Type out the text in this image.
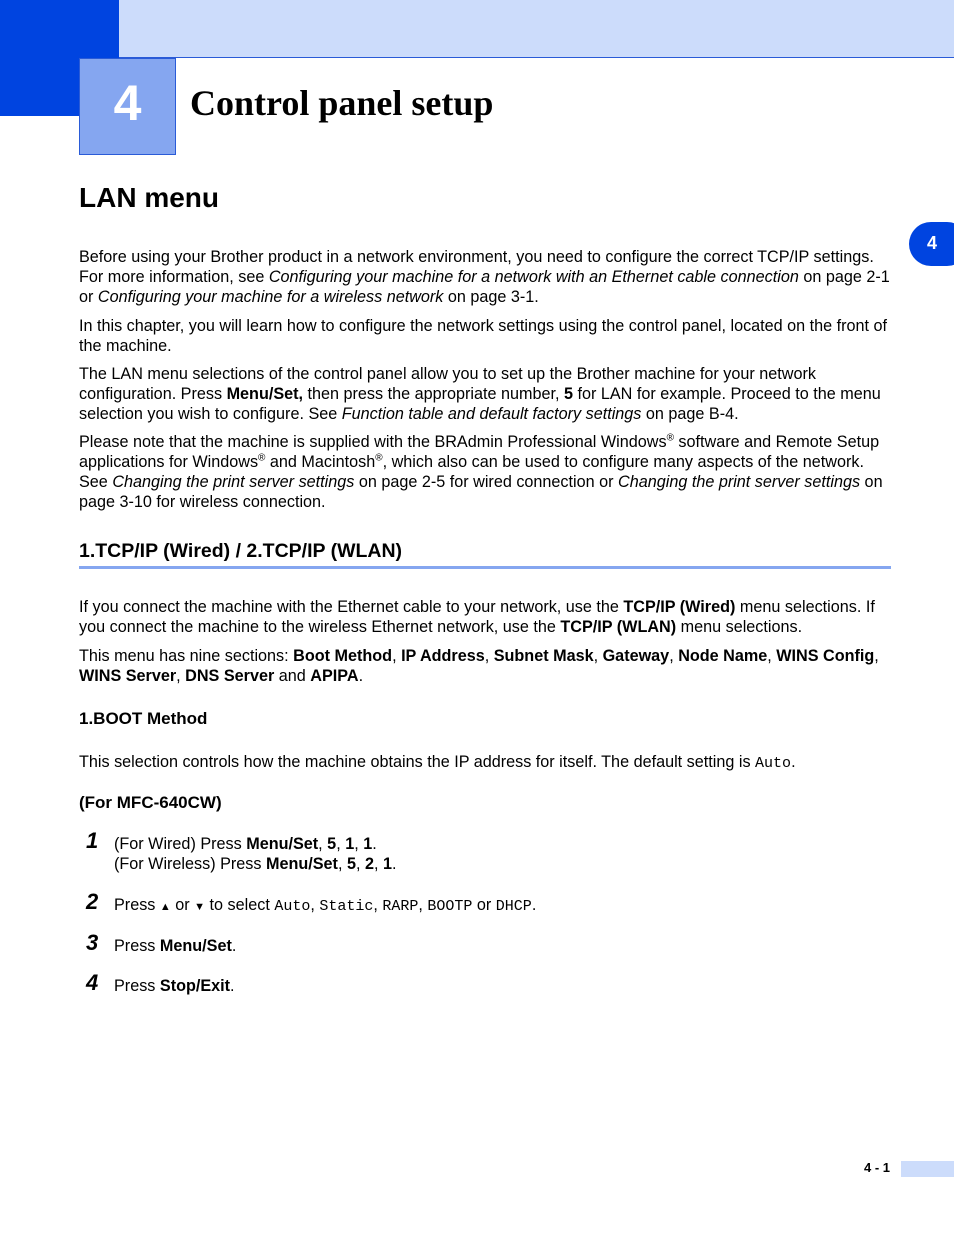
4	Control panel setup
4
LAN menu

Before using your Brother product in a network environment, you need to configure the correct TCP/IP settings. For more information, see Configuring your machine for a network with an Ethernet cable connection on page 2-1 or Configuring your machine for a wireless network on page 3-1.

In this chapter, you will learn how to configure the network settings using the control panel, located on the front of the machine.

The LAN menu selections of the control panel allow you to set up the Brother machine for your network configuration. Press Menu/Set, then press the appropriate number, 5 for LAN for example. Proceed to the menu selection you wish to configure. See Function table and default factory settings on page B-4.

Please note that the machine is supplied with the BRAdmin Professional Windows® software and Remote Setup applications for Windows® and Macintosh®, which also can be used to configure many aspects of the network. See Changing the print server settings on page 2-5 for wired connection or Changing the print server settings on page 3-10 for wireless connection.

1.TCP/IP (Wired) / 2.TCP/IP (WLAN)

If you connect the machine with the Ethernet cable to your network, use the TCP/IP (Wired) menu selections. If you connect the machine to the wireless Ethernet network, use the TCP/IP (WLAN) menu selections.

This menu has nine sections: Boot Method, IP Address, Subnet Mask, Gateway, Node Name, WINS Config, WINS Server, DNS Server and APIPA.

1.BOOT Method

This selection controls how the machine obtains the IP address for itself. The default setting is Auto.

(For MFC-640CW)
1 (For Wired) Press Menu/Set, 5, 1, 1.
(For Wireless) Press Menu/Set, 5, 2, 1.
2 Press ▲ or ▼ to select Auto, Static, RARP, BOOTP or DHCP.
3 Press Menu/Set.
4 Press Stop/Exit.
4 - 1
